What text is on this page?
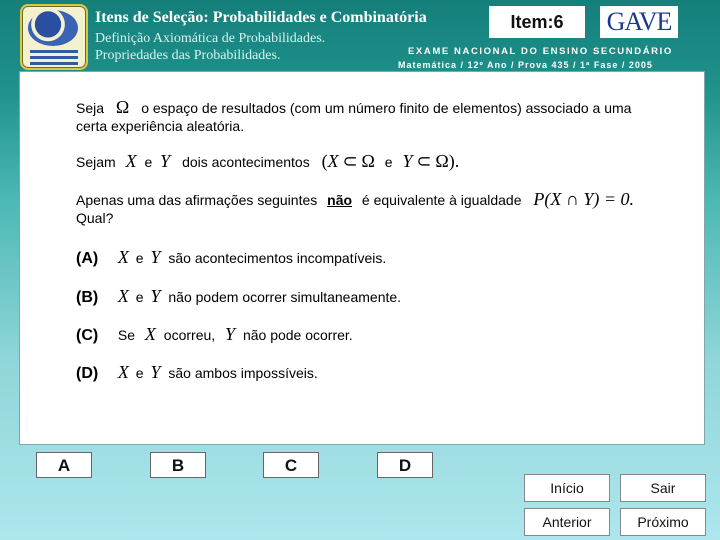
Itens de Seleção: Probabilidades e Combinatória
Definição Axiomática de Probabilidades.
Propriedades das Probabilidades.
Item:6	GAVE
EXAME NACIONAL DO ENSINO SECUNDÁRIO
Matemática / 12º Ano / Prova 435 / 1ª Fase / 2005
Seja Ω o espaço de resultados (com um número finito de elementos) associado a uma
certa experiência aleatória.
Sejam X e Y dois acontecimentos (X ⊂ Ω e Y ⊂ Ω).
Apenas uma das afirmações seguintes não é equivalente à igualdade P(X ∩ Y) = 0.
Qual?
(A) X e Y são acontecimentos incompatíveis.
(B) X e Y não podem ocorrer simultaneamente.
(C) Se X ocorreu, Y não pode ocorrer.
(D) X e Y são ambos impossíveis.
A	B	C	D
Início	Sair
Anterior	Próximo
